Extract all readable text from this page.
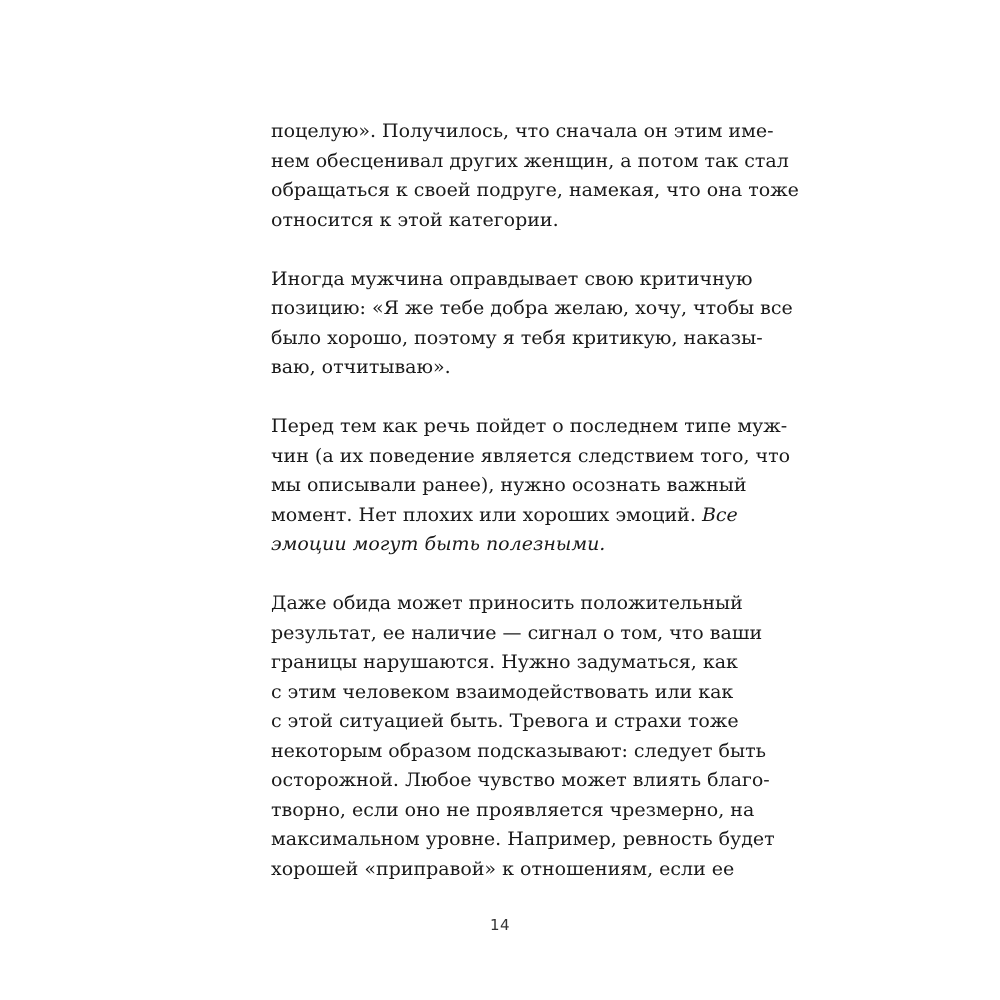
поцелую». Получилось, что сначала он этим име-
нем обесценивал других женщин, а потом так стал
обращаться к своей подруге, намекая, что она тоже
относится к этой категории.

Иногда мужчина оправдывает свою критичную
позицию: «Я же тебе добра желаю, хочу, чтобы все
было хорошо, поэтому я тебя критикую, наказы-
ваю, отчитываю».

Перед тем как речь пойдет о последнем типе муж-
чин (а их поведение является следствием того, что
мы описывали ранее), нужно осознать важный
момент. Нет плохих или хороших эмоций. Все
эмоции могут быть полезными.

Даже обида может приносить положительный
результат, ее наличие — сигнал о том, что ваши
границы нарушаются. Нужно задуматься, как
с этим человеком взаимодействовать или как
с этой ситуацией быть. Тревога и страхи тоже
некоторым образом подсказывают: следует быть
осторожной. Любое чувство может влиять благо-
творно, если оно не проявляется чрезмерно, на
максимальном уровне. Например, ревность будет
хорошей «приправой» к отношениям, если ее

14
